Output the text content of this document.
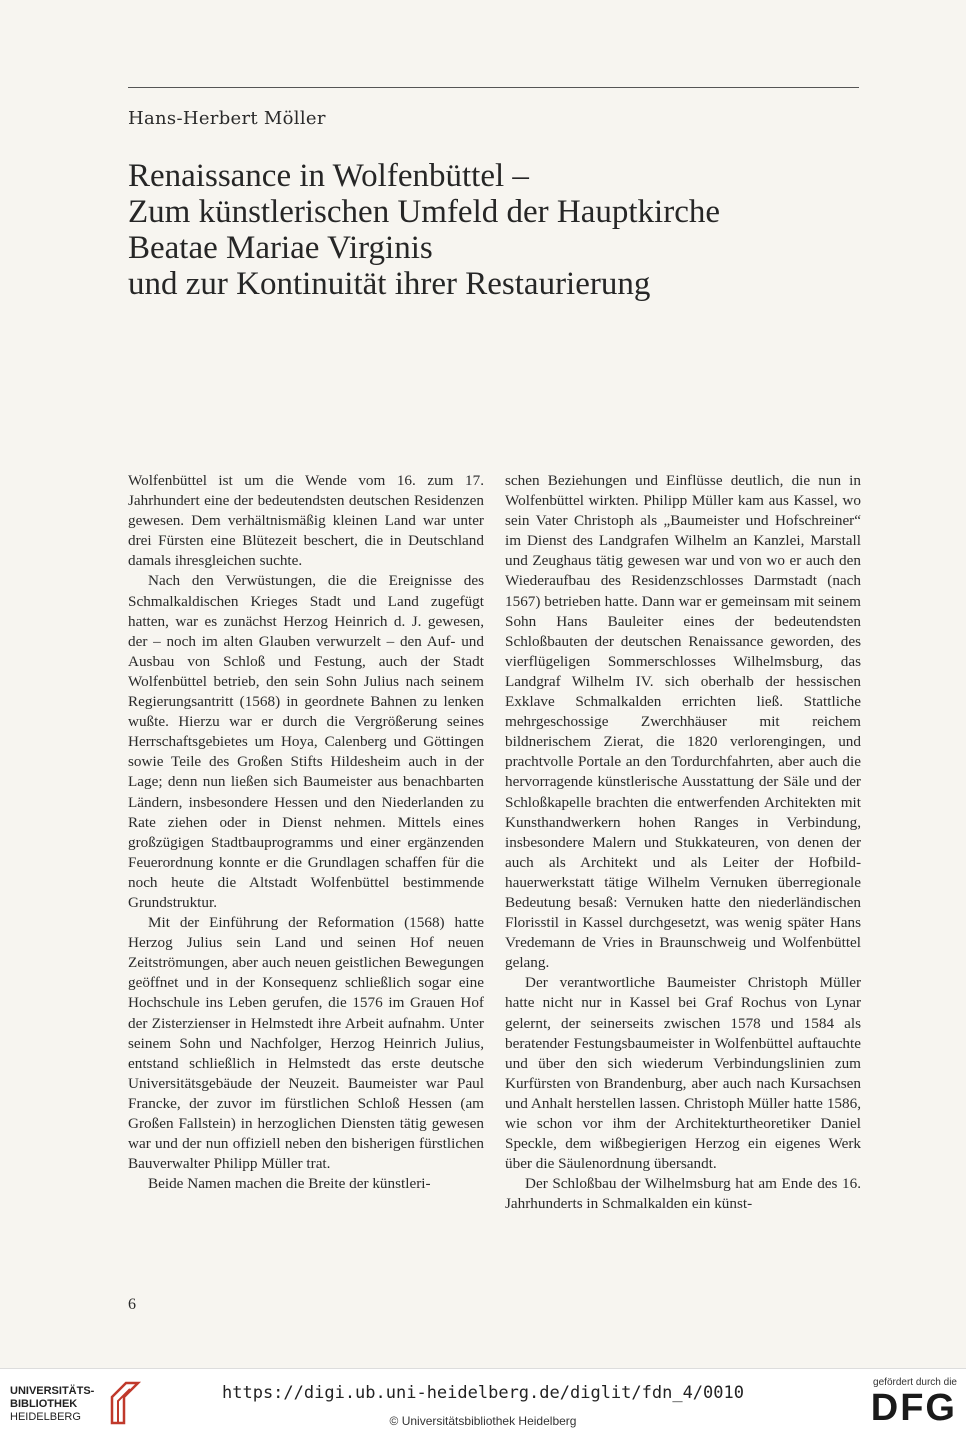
Hans-Herbert Möller
Renaissance in Wolfenbüttel –
Zum künstlerischen Umfeld der Hauptkirche
Beatae Mariae Virginis
und zur Kontinuität ihrer Restaurierung

Wolfenbüttel ist um die Wende vom 16. zum 17. Jahrhundert eine der bedeutendsten deutschen Residenzen gewesen. Dem verhältnismäßig kleinen Land war unter drei Fürsten eine Blütezeit beschert, die in Deutschland damals ihresgleichen suchte.

Nach den Verwüstungen, die die Ereignisse des Schmalkaldischen Krieges Stadt und Land zugefügt hatten, war es zunächst Herzog Heinrich d. J. gewesen, der – noch im alten Glauben verwurzelt – den Auf- und Ausbau von Schloß und Festung, auch der Stadt Wolfenbüttel betrieb, den sein Sohn Julius nach seinem Regierungsantritt (1568) in geordnete Bahnen zu lenken wußte. Hierzu war er durch die Vergrößerung seines Herrschaftsgebietes um Hoya, Calenberg und Göttingen sowie Teile des Großen Stifts Hildesheim auch in der Lage; denn nun ließen sich Baumeister aus benachbarten Ländern, insbesondere Hessen und den Niederlanden zu Rate ziehen oder in Dienst nehmen. Mittels eines großzügigen Stadtbauprogramms und einer ergänzenden Feuerordnung konnte er die Grundlagen schaffen für die noch heute die Altstadt Wolfenbüttel bestimmende Grundstruktur.

Mit der Einführung der Reformation (1568) hatte Herzog Julius sein Land und seinen Hof neuen Zeitströmungen, aber auch neuen geistlichen Bewegungen geöffnet und in der Konsequenz schließlich sogar eine Hochschule ins Leben gerufen, die 1576 im Grauen Hof der Zisterzienser in Helmstedt ihre Arbeit aufnahm. Unter seinem Sohn und Nachfolger, Herzog Heinrich Julius, entstand schließlich in Helmstedt das erste deutsche Universitätsgebäude der Neuzeit. Baumeister war Paul Francke, der zuvor im fürstlichen Schloß Hessen (am Großen Fallstein) in herzoglichen Diensten tätig gewesen war und der nun offiziell neben den bisherigen fürstlichen Bauverwalter Philipp Müller trat.

Beide Namen machen die Breite der künstleri-

schen Beziehungen und Einflüsse deutlich, die nun in Wolfenbüttel wirkten. Philipp Müller kam aus Kassel, wo sein Vater Christoph als „Baumeister und Hofschreiner“ im Dienst des Landgrafen Wilhelm an Kanzlei, Marstall und Zeughaus tätig gewesen war und von wo er auch den Wiederaufbau des Residenzschlosses Darmstadt (nach 1567) betrieben hatte. Dann war er gemeinsam mit seinem Sohn Hans Bauleiter eines der bedeutendsten Schloßbauten der deutschen Renaissance geworden, des vierflügeligen Sommerschlosses Wilhelmsburg, das Landgraf Wilhelm IV. sich oberhalb der hessischen Exklave Schmalkalden errichten ließ. Stattliche mehrgeschossige Zwerchhäuser mit reichem bildnerischem Zierat, die 1820 verlorengingen, und prachtvolle Portale an den Tordurchfahrten, aber auch die hervorragende künstlerische Ausstattung der Säle und der Schloßkapelle brachten die entwerfenden Architekten mit Kunsthandwerkern hohen Ranges in Verbindung, insbesondere Malern und Stukkateuren, von denen der auch als Architekt und als Leiter der Hofbildhauerwerkstatt tätige Wilhelm Vernuken überregionale Bedeutung besaß: Vernuken hatte den niederländischen Florisstil in Kassel durchgesetzt, was wenig später Hans Vredemann de Vries in Braunschweig und Wolfenbüttel gelang.

Der verantwortliche Baumeister Christoph Müller hatte nicht nur in Kassel bei Graf Rochus von Lynar gelernt, der seinerseits zwischen 1578 und 1584 als beratender Festungsbaumeister in Wolfenbüttel auftauchte und über den sich wiederum Verbindungslinien zum Kurfürsten von Brandenburg, aber auch nach Kursachsen und Anhalt herstellen lassen. Christoph Müller hatte 1586, wie schon vor ihm der Architekturtheoretiker Daniel Speckle, dem wißbegierigen Herzog ein eigenes Werk über die Säulenordnung übersandt.

Der Schloßbau der Wilhelmsburg hat am Ende des 16. Jahrhunderts in Schmalkalden ein künst-

6
UNIVERSITÄTS-
BIBLIOTHEK
HEIDELBERG
https://digi.ub.uni-heidelberg.de/diglit/fdn_4/0010
© Universitätsbibliothek Heidelberg
gefördert durch die
DFG
